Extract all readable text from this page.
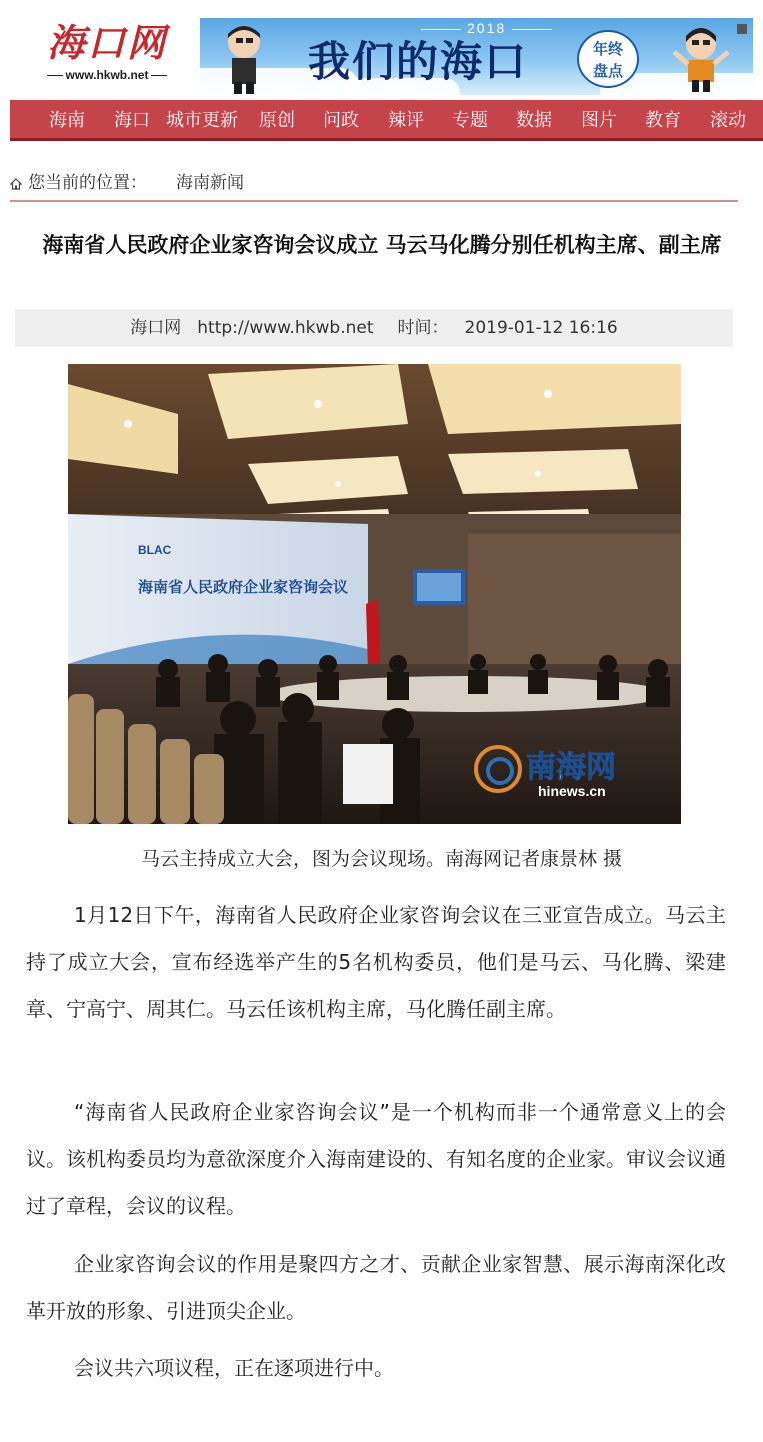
海口网
www.hkwb.net
2018
我们的海口	年终
盘点
海南 海口 城市更新 原创 问政 辣评 专题 数据 图片 教育 滚动
您当前的位置： 海南新闻
海南省人民政府企业家咨询会议成立 马云马化腾分别任机构主席、副主席
海口网 http://www.hkwb.net 时间： 2019-01-12 16:16
BLAC
海南省人民政府企业家咨询会议
南海网
hinews.cn
马云主持成立大会，图为会议现场。南海网记者康景林 摄
1月12日下午，海南省人民政府企业家咨询会议在三亚宣告成立。马云主持了成立大会，宣布经选举产生的5名机构委员，他们是马云、马化腾、梁建章、宁高宁、周其仁。马云任该机构主席，马化腾任副主席。
“海南省人民政府企业家咨询会议”是一个机构而非一个通常意义上的会议。该机构委员均为意欲深度介入海南建设的、有知名度的企业家。审议会议通过了章程，会议的议程。
企业家咨询会议的作用是聚四方之才、贡献企业家智慧、展示海南深化改革开放的形象、引进顶尖企业。
会议共六项议程，正在逐项进行中。
